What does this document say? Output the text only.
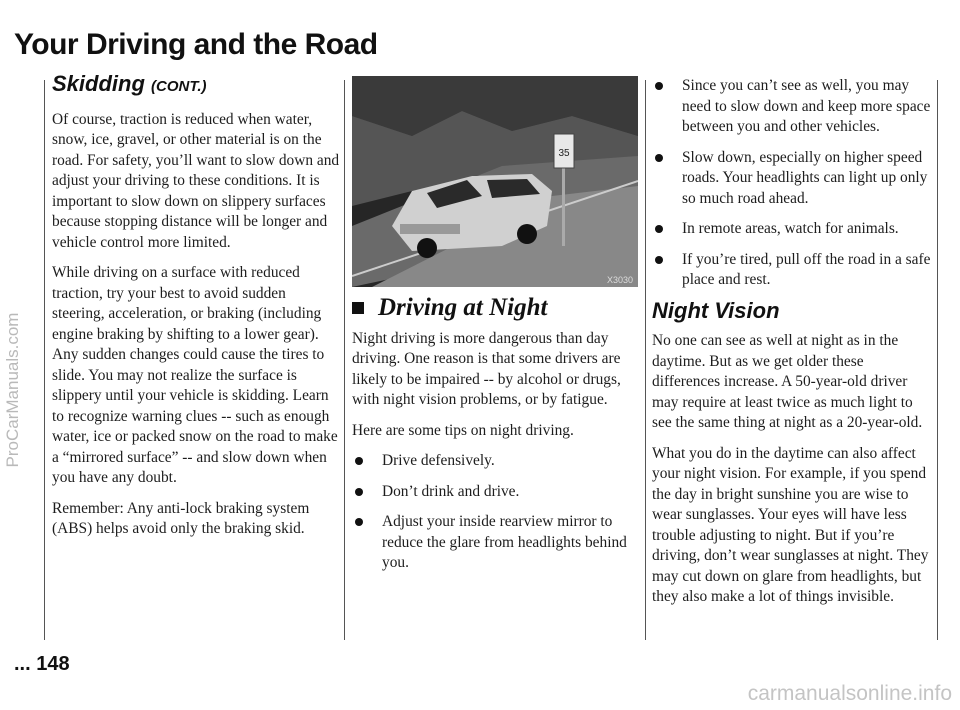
ProCarManuals.com
carmanualsonline.info
Your Driving and the Road
Skidding (CONT.)

Of course, traction is reduced when water, snow, ice, gravel, or other material is on the road. For safety, you’ll want to slow down and adjust your driving to these conditions. It is important to slow down on slippery surfaces because stopping distance will be longer and vehicle control more limited.

While driving on a surface with reduced traction, try your best to avoid sudden steering, acceleration, or braking (including engine braking by shifting to a lower gear). Any sudden changes could cause the tires to slide. You may not realize the surface is slippery until your vehicle is skidding. Learn to recognize warning clues -- such as enough water, ice or packed snow on the road to make a “mirrored surface” -- and slow down when you have any doubt.

Remember: Any anti-lock braking system (ABS) helps avoid only the braking skid.

35
X3030
Driving at Night

Night driving is more dangerous than day driving. One reason is that some drivers are likely to be impaired -- by alcohol or drugs, with night vision problems, or by fatigue.

Here are some tips on night driving.

Drive defensively.
Don’t drink and drive.
Adjust your inside rearview mirror to reduce the glare from headlights behind you.
Since you can’t see as well, you may need to slow down and keep more space between you and other vehicles.
Slow down, especially on higher speed roads. Your headlights can light up only so much road ahead.
In remote areas, watch for animals.
If you’re tired, pull off the road in a safe place and rest.
Night Vision

No one can see as well at night as in the daytime. But as we get older these differences increase. A 50-year-old driver may require at least twice as much light to see the same thing at night as a 20-year-old.

What you do in the daytime can also affect your night vision. For example, if you spend the day in bright sunshine you are wise to wear sunglasses. Your eyes will have less trouble adjusting to night. But if you’re driving, don’t wear sunglasses at night. They may cut down on glare from headlights, but they also make a lot of things invisible.

... 148
